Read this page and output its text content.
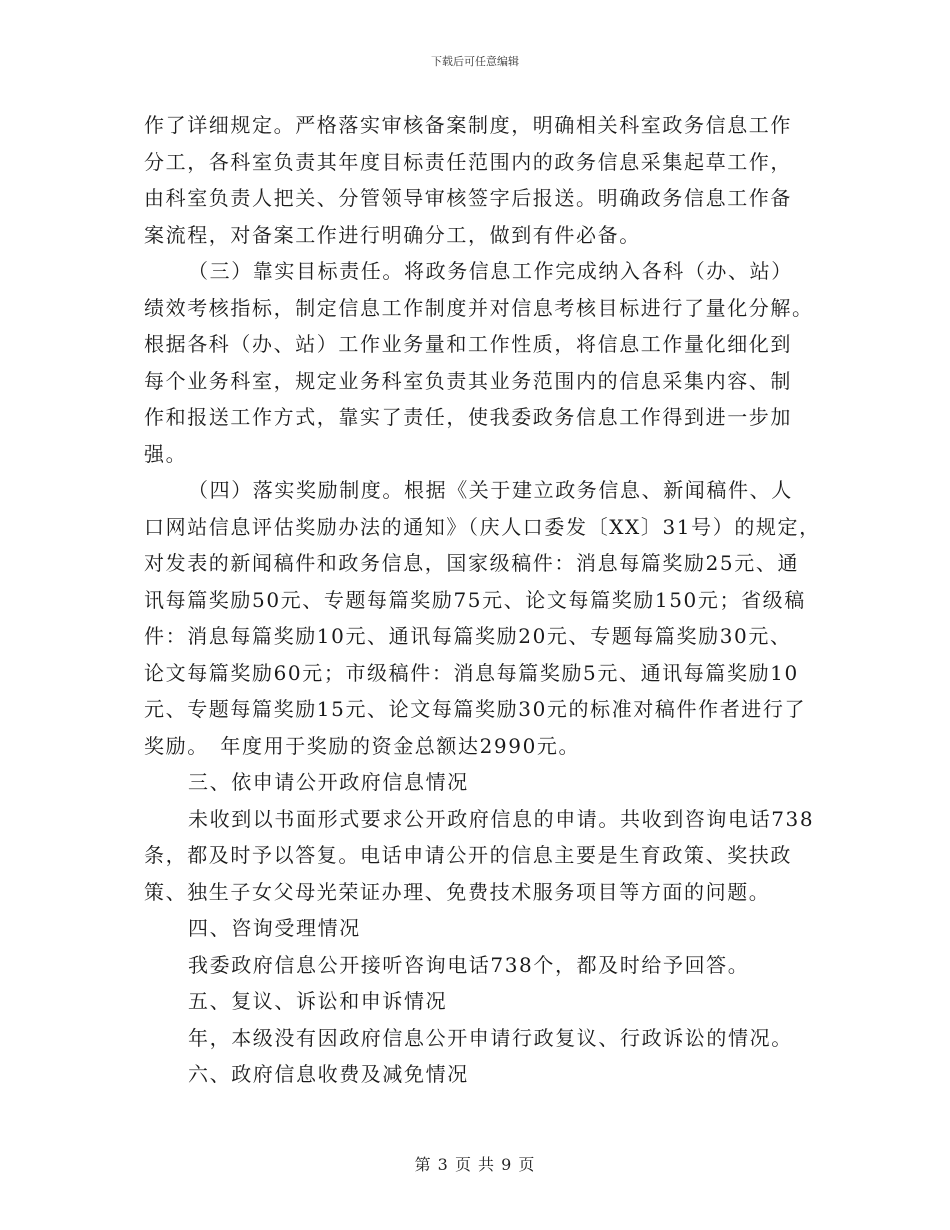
下载后可任意编辑
作了详细规定。严格落实审核备案制度，明确相关科室政务信息工作
分工，各科室负责其年度目标责任范围内的政务信息采集起草工作，
由科室负责人把关、分管领导审核签字后报送。明确政务信息工作备
案流程，对备案工作进行明确分工，做到有件必备。
（三）靠实目标责任。将政务信息工作完成纳入各科（办、站）
绩效考核指标，制定信息工作制度并对信息考核目标进行了量化分解。
根据各科（办、站）工作业务量和工作性质，将信息工作量化细化到
每个业务科室，规定业务科室负责其业务范围内的信息采集内容、制
作和报送工作方式，靠实了责任，使我委政务信息工作得到进一步加
强。
（四）落实奖励制度。根据《关于建立政务信息、新闻稿件、人
口网站信息评估奖励办法的通知》（庆人口委发〔XX〕31号）的规定，
对发表的新闻稿件和政务信息，国家级稿件：消息每篇奖励25元、通
讯每篇奖励50元、专题每篇奖励75元、论文每篇奖励150元；省级稿
件：消息每篇奖励10元、通讯每篇奖励20元、专题每篇奖励30元、
论文每篇奖励60元；市级稿件：消息每篇奖励5元、通讯每篇奖励10
元、专题每篇奖励15元、论文每篇奖励30元的标准对稿件作者进行了
奖励。　年度用于奖励的资金总额达2990元。
三、依申请公开政府信息情况
未收到以书面形式要求公开政府信息的申请。共收到咨询电话738
条，都及时予以答复。电话申请公开的信息主要是生育政策、奖扶政
策、独生子女父母光荣证办理、免费技术服务项目等方面的问题。
四、咨询受理情况
我委政府信息公开接听咨询电话738个，都及时给予回答。
五、复议、诉讼和申诉情况
年，本级没有因政府信息公开申请行政复议、行政诉讼的情况。
六、政府信息收费及减免情况
第 3 页 共 9 页
